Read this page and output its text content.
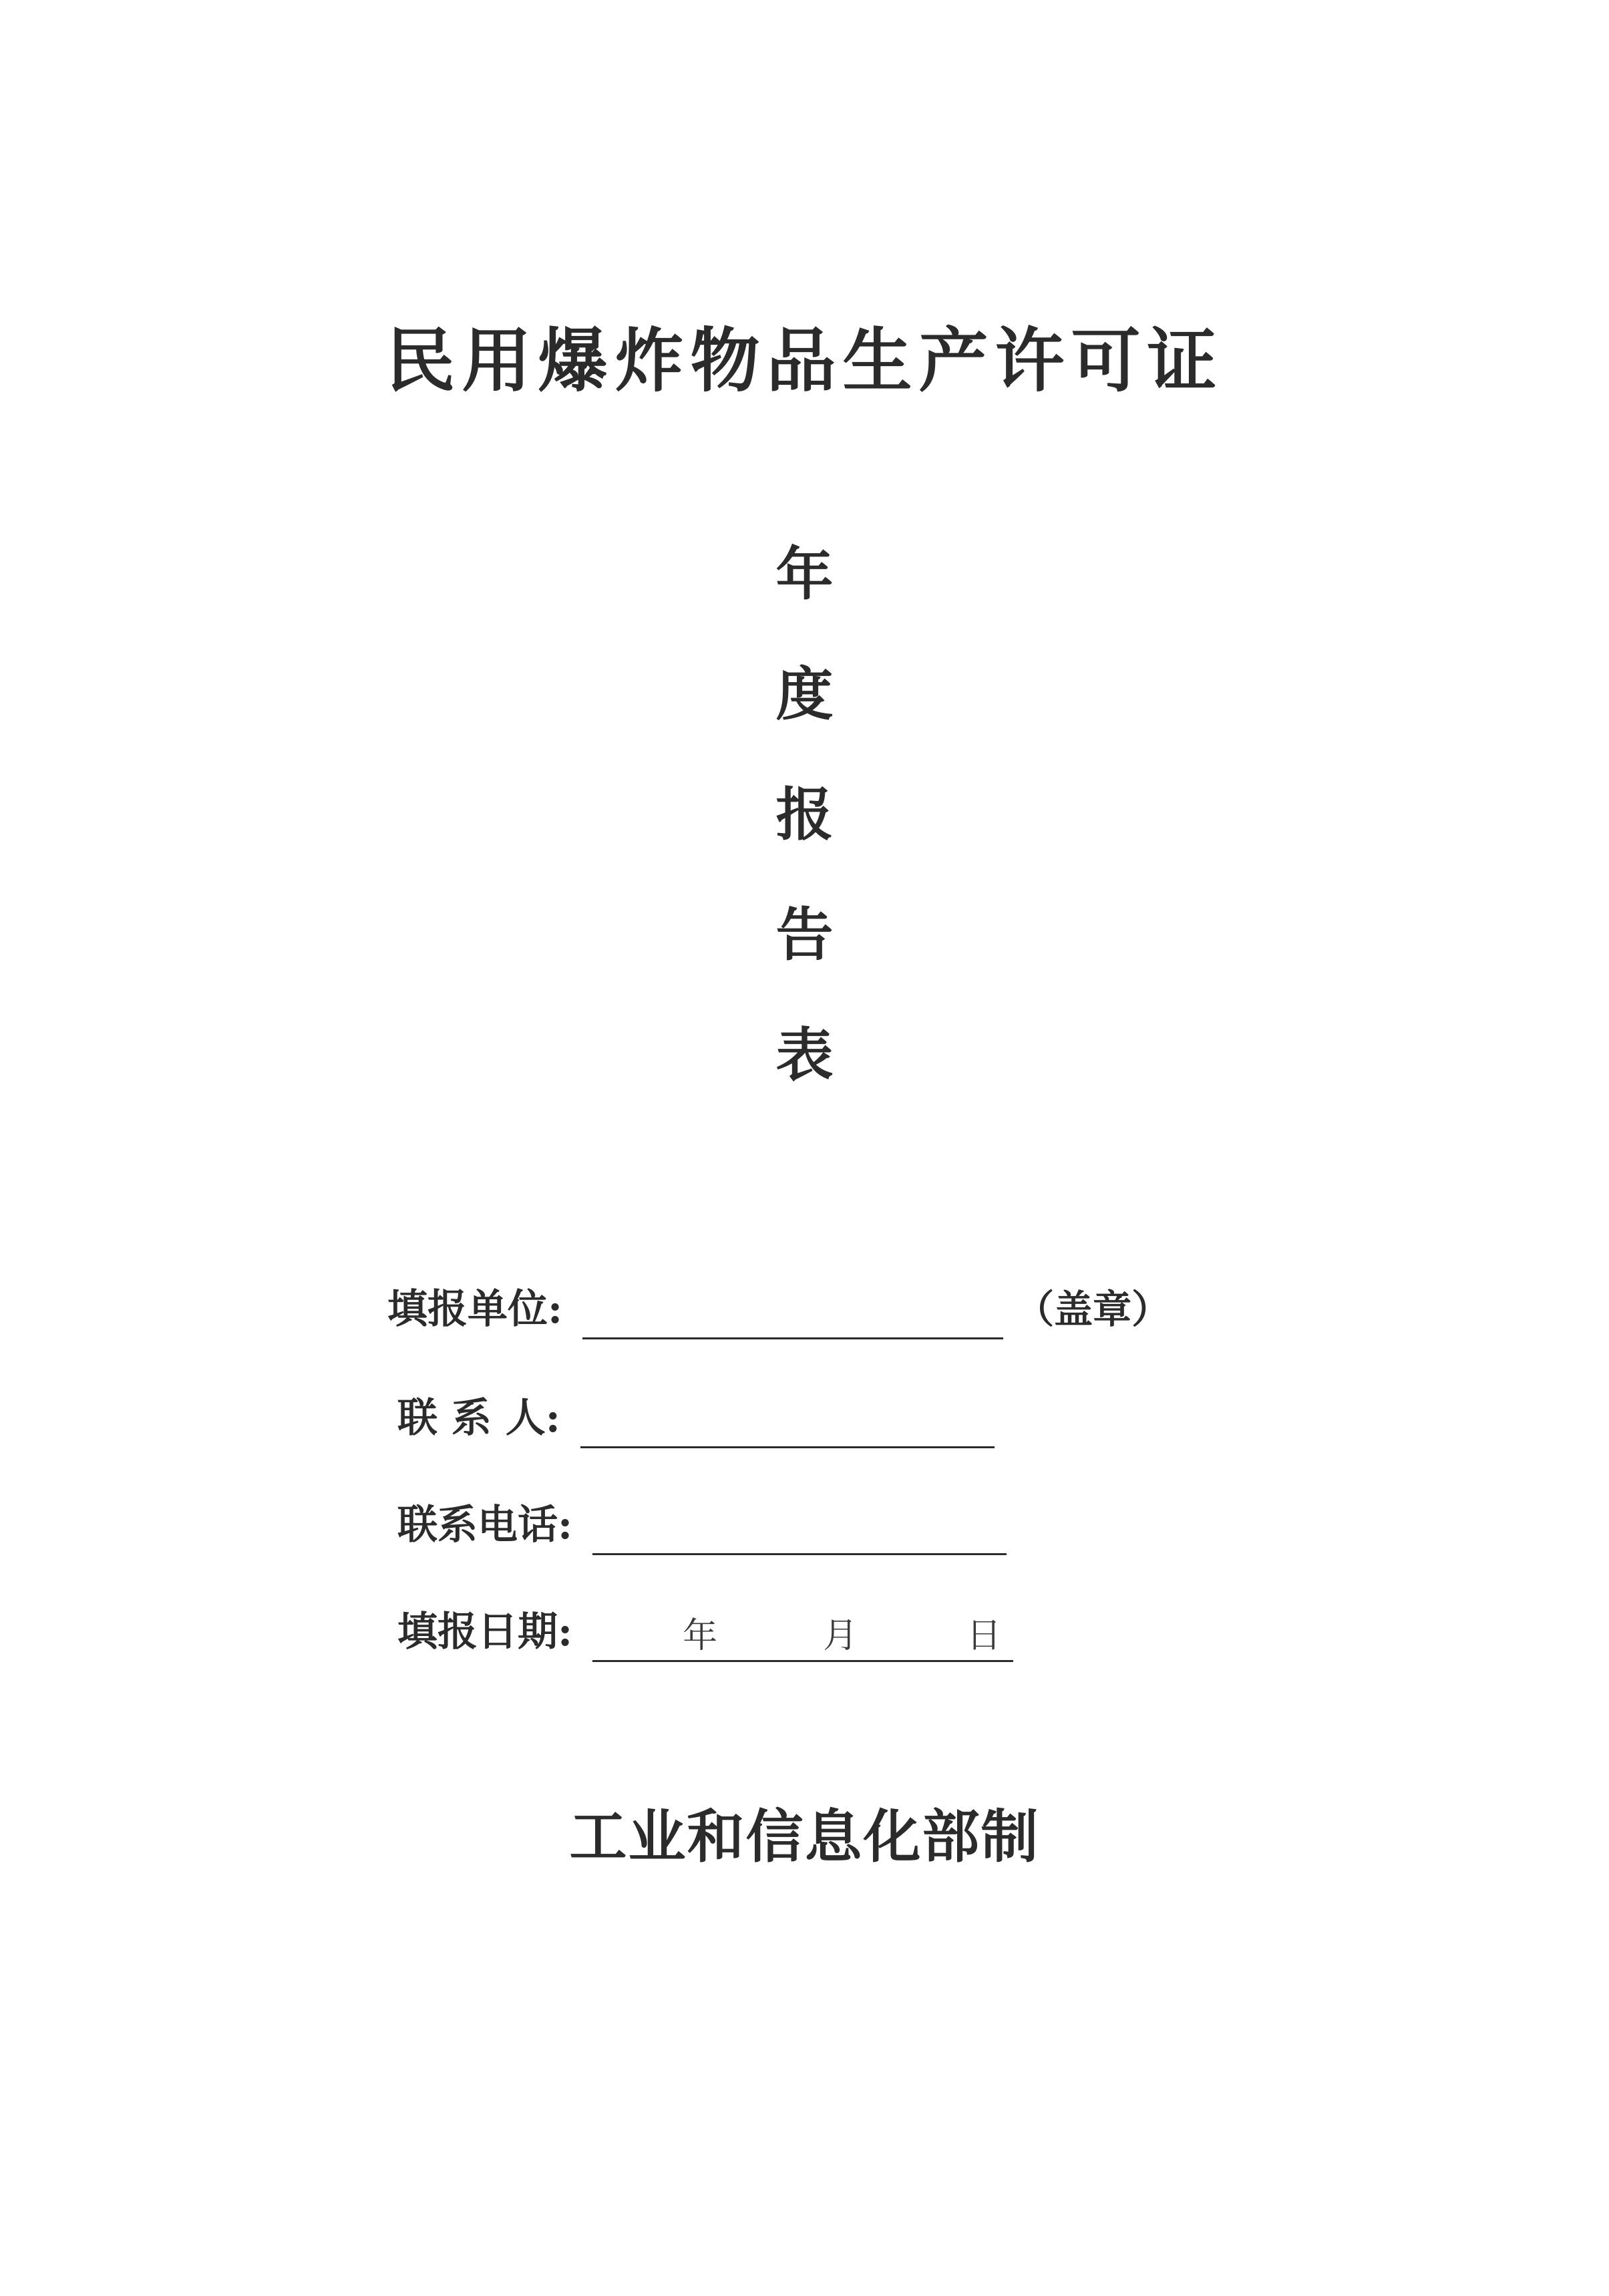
民用爆炸物品生产许可证
年
度
报
告
表
填报单位:	（盖章）
联 系 人:
联系电话:
填报日期:	年	月	日
工业和信息化部制
